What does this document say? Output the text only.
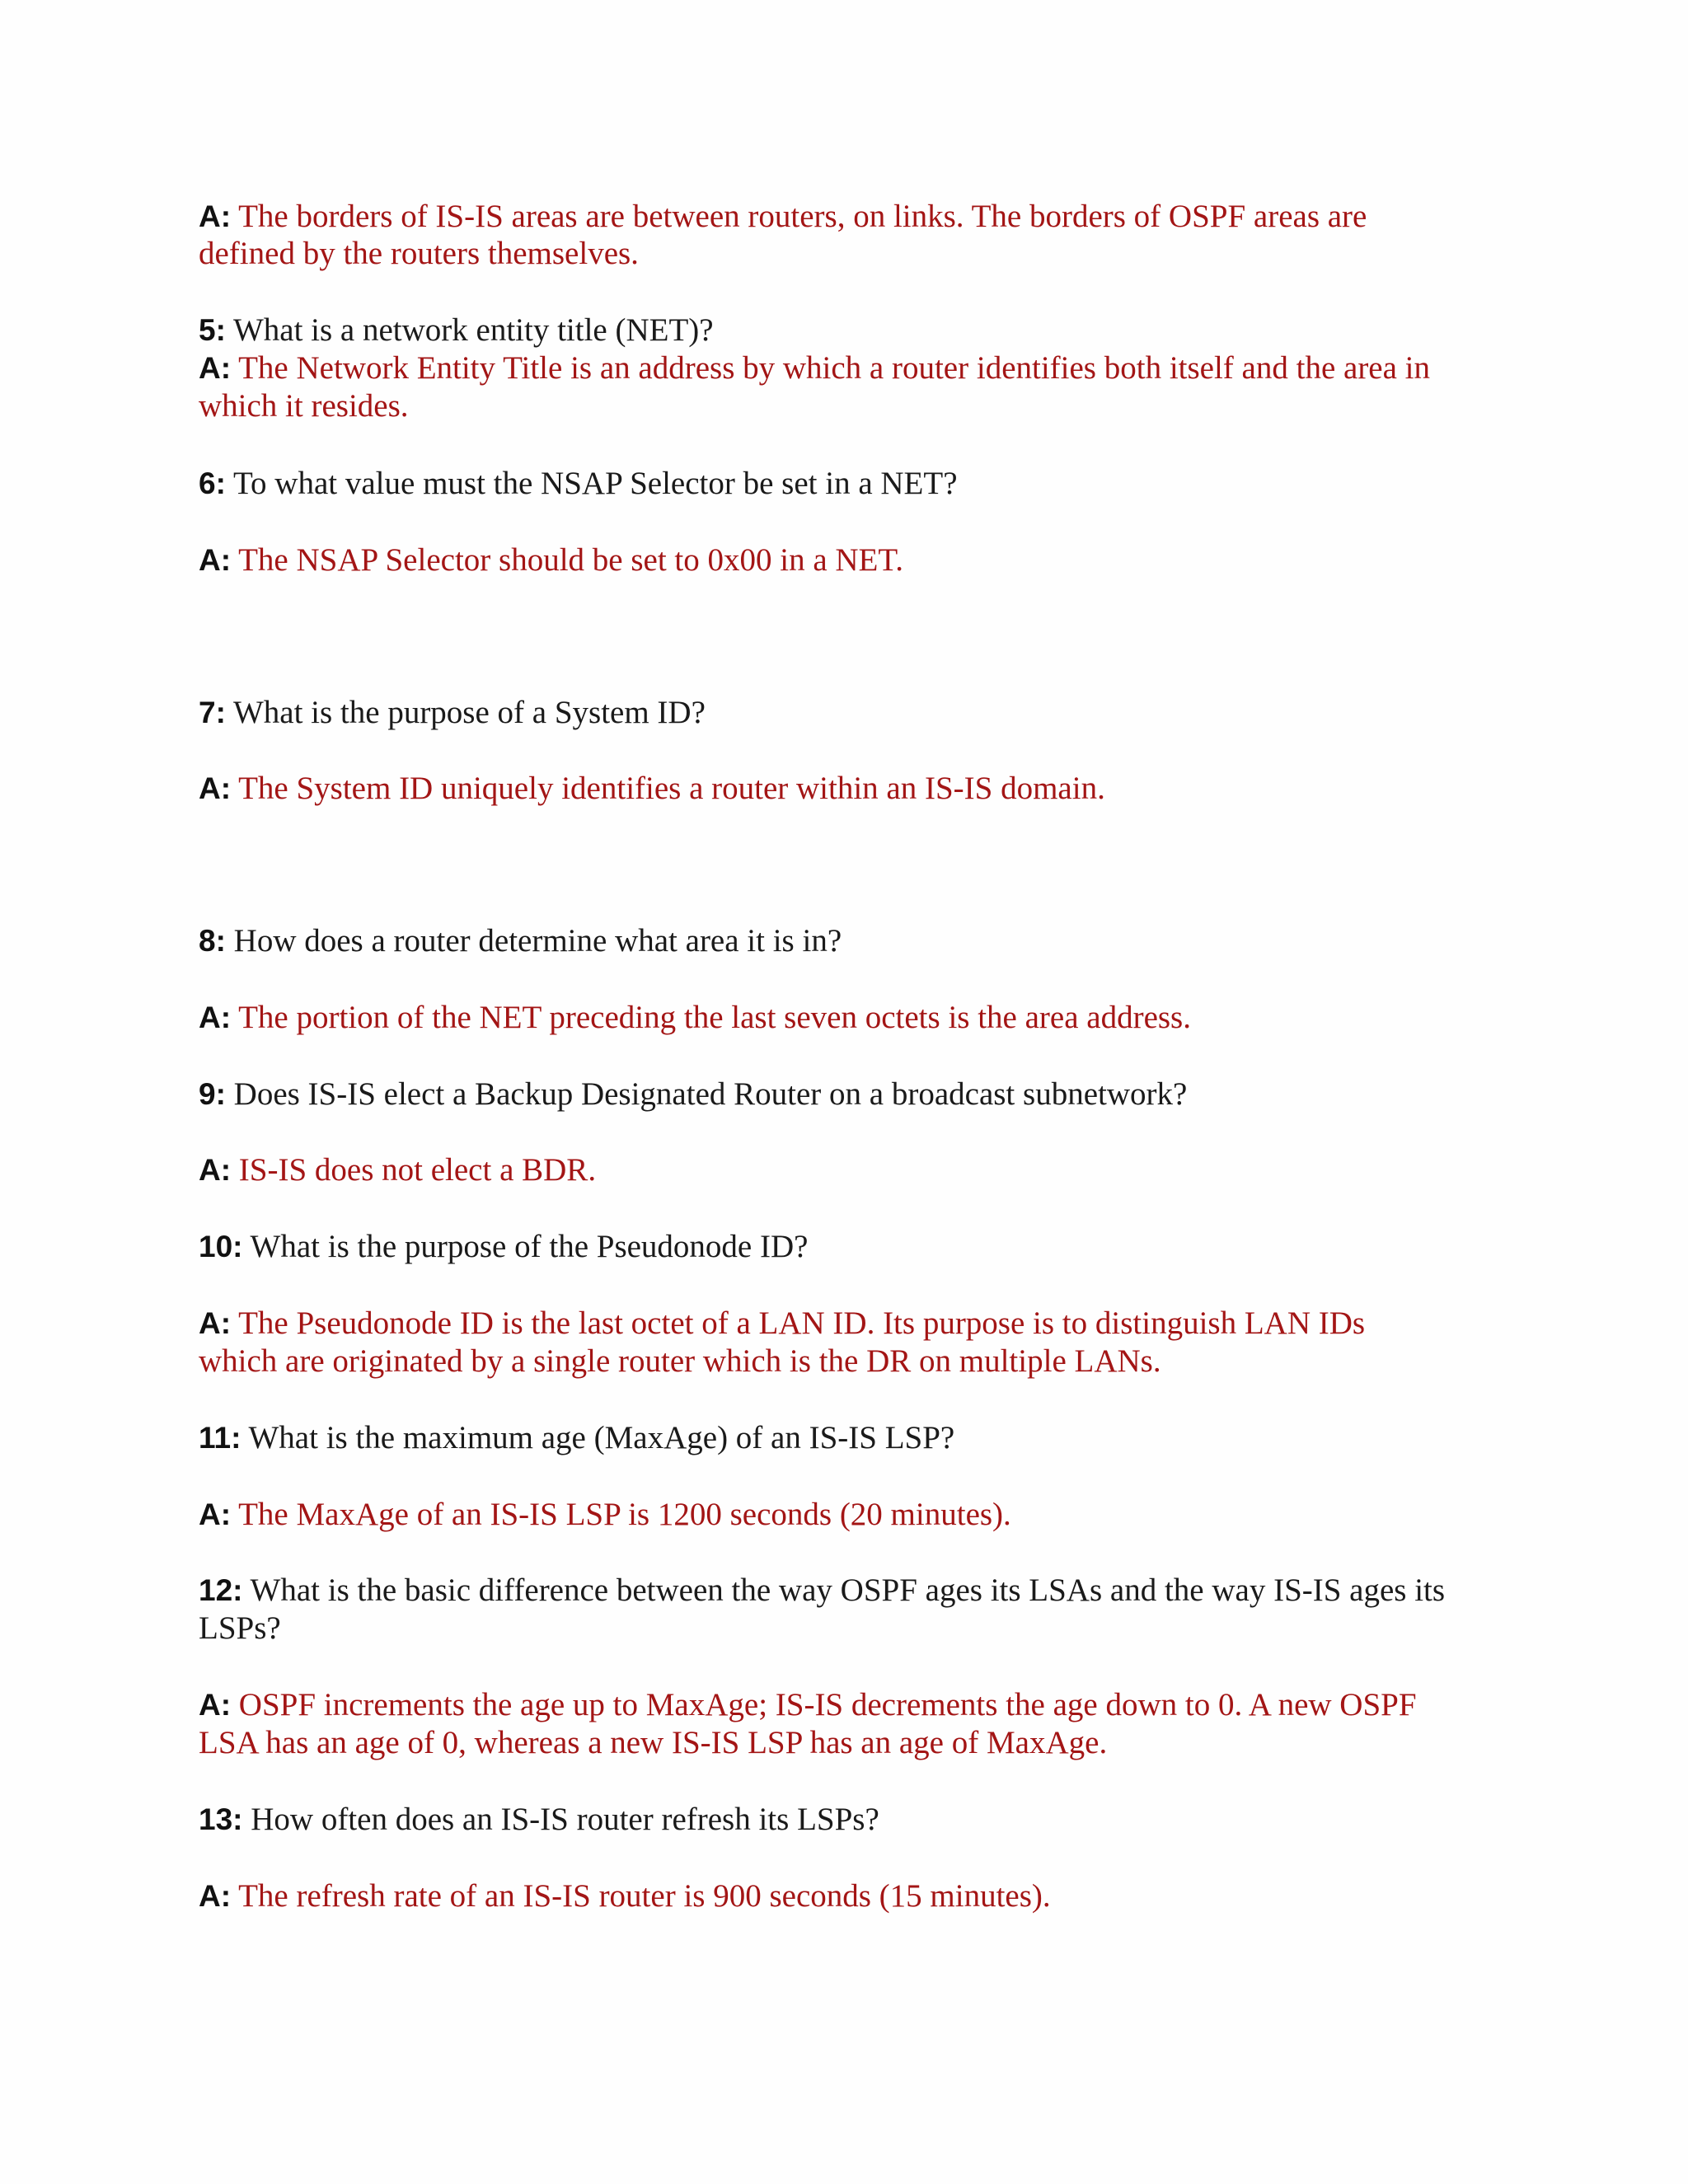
A: The borders of IS-IS areas are between routers, on links. The borders of OSPF areas are
defined by the routers themselves.
5: What is a network entity title (NET)?
A: The Network Entity Title is an address by which a router identifies both itself and the area in
which it resides.
6: To what value must the NSAP Selector be set in a NET?
A: The NSAP Selector should be set to 0x00 in a NET.
7: What is the purpose of a System ID?
A: The System ID uniquely identifies a router within an IS-IS domain.
8: How does a router determine what area it is in?
A: The portion of the NET preceding the last seven octets is the area address.
9: Does IS-IS elect a Backup Designated Router on a broadcast subnetwork?
A: IS-IS does not elect a BDR.
10: What is the purpose of the Pseudonode ID?
A: The Pseudonode ID is the last octet of a LAN ID. Its purpose is to distinguish LAN IDs
which are originated by a single router which is the DR on multiple LANs.
11: What is the maximum age (MaxAge) of an IS-IS LSP?
A: The MaxAge of an IS-IS LSP is 1200 seconds (20 minutes).
12: What is the basic difference between the way OSPF ages its LSAs and the way IS-IS ages its
LSPs?
A: OSPF increments the age up to MaxAge; IS-IS decrements the age down to 0. A new OSPF
LSA has an age of 0, whereas a new IS-IS LSP has an age of MaxAge.
13: How often does an IS-IS router refresh its LSPs?
A: The refresh rate of an IS-IS router is 900 seconds (15 minutes).
